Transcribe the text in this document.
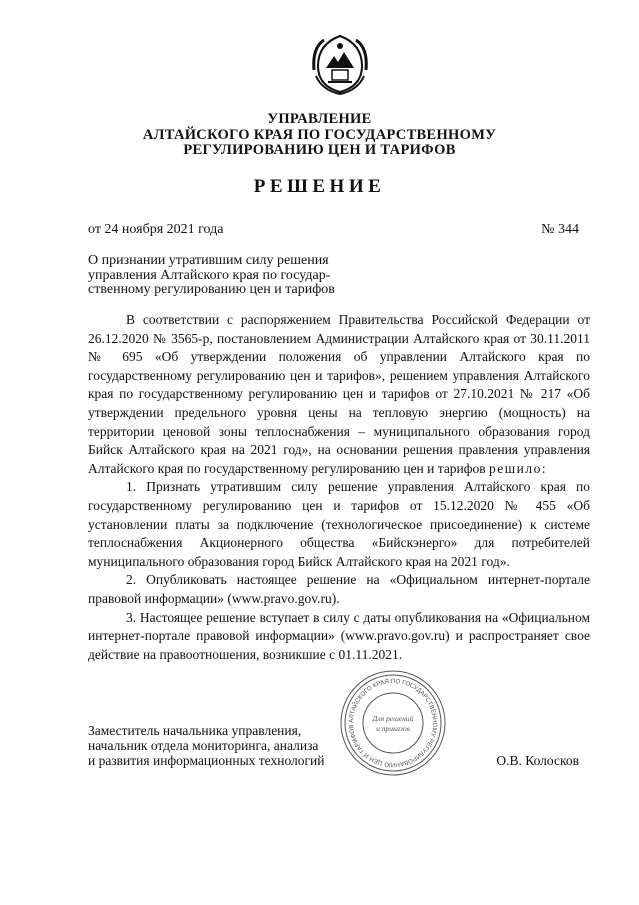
УПРАВЛЕНИЕ
АЛТАЙСКОГО КРАЯ ПО ГОСУДАРСТВЕННОМУ
РЕГУЛИРОВАНИЮ ЦЕН И ТАРИФОВ
РЕШЕНИЕ
от 24 ноября 2021 года	№ 344
О признании утратившим силу решения
управления Алтайского края по государ-
ственному регулированию цен и тарифов

В соответствии с распоряжением Правительства Российской Федерации от 26.12.2020 № 3565-р, постановлением Администрации Алтайского края от 30.11.2011 № 695 «Об утверждении положения об управлении Алтайского края по государственному регулированию цен и тарифов», решением управления Алтайского края по государственному регулированию цен и тарифов от 27.10.2021 № 217 «Об утверждении предельного уровня цены на тепловую энергию (мощность) на территории ценовой зоны теплоснабжения – муниципального образования город Бийск Алтайского края на 2021 год», на основании решения правления управления Алтайского края по государственному регулированию цен и тарифов решило:

1. Признать утратившим силу решение управления Алтайского края по государственному регулированию цен и тарифов от 15.12.2020 № 455 «Об установлении платы за подключение (технологическое присоединение) к системе теплоснабжения Акционерного общества «Бийскэнерго» для потребителей муниципального образования город Бийск Алтайского края на 2021 год».

2. Опубликовать настоящее решение на «Официальном интернет-портале правовой информации» (www.pravo.gov.ru).

3. Настоящее решение вступает в силу с даты опубликования на «Официальном интернет-портале правовой информации» (www.pravo.gov.ru) и распространяет свое действие на правоотношения, возникшие с 01.11.2021.

Заместитель начальника управления,
начальник отдела мониторинга, анализа
и развития информационных технологий	О.В. Колосков
АЛТАЙСКОГО КРАЯ ПО ГОСУДАРСТВЕННОМУ РЕГУЛИРОВАНИЮ ЦЕН И ТАРИФОВ
Для решений
и приказов
